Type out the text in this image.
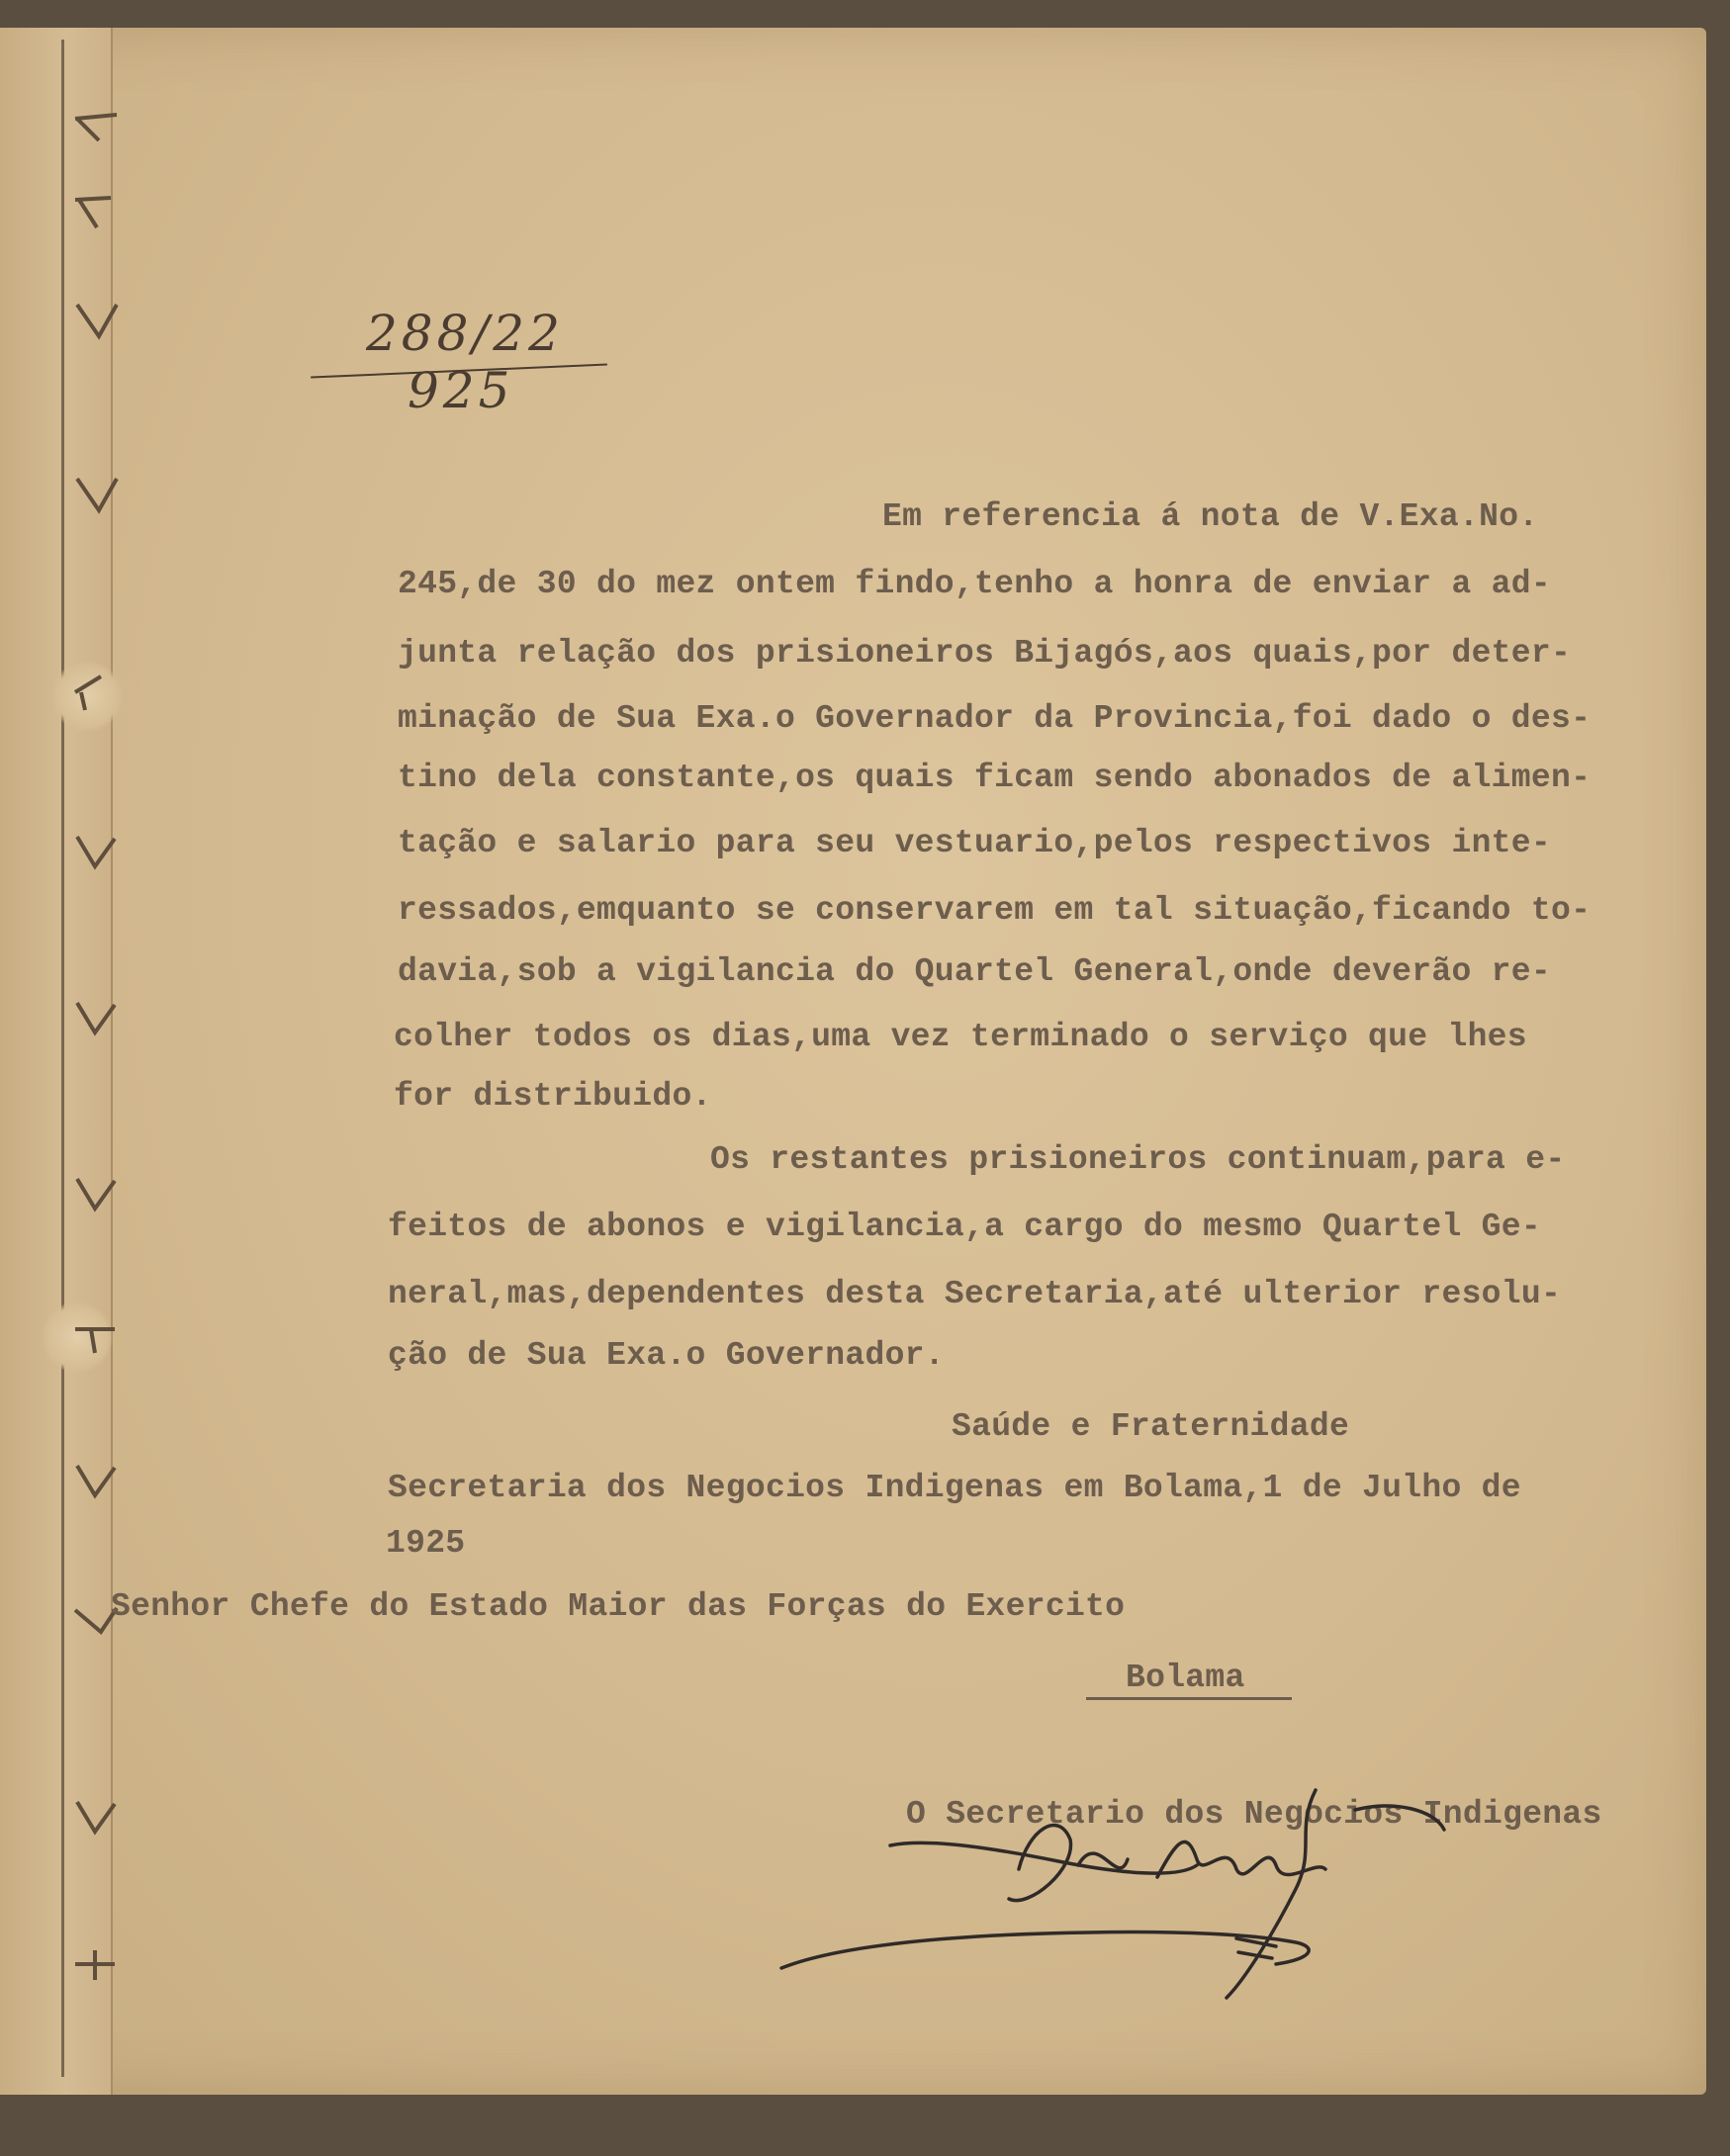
288/22
925
Em referencia á nota de V.Exa.No.
245,de 30 do mez ontem findo,tenho a honra de enviar a ad-
junta relação dos prisioneiros Bijagós,aos quais,por deter-
minação de Sua Exa.o Governador da Provincia,foi dado o des-
tino dela constante,os quais ficam sendo abonados de alimen-
tação e salario para seu vestuario,pelos respectivos inte-
ressados,emquanto se conservarem em tal situação,ficando to-
davia,sob a vigilancia do Quartel General,onde deverão re-
colher todos os dias,uma vez terminado o serviço que lhes
for distribuido.
Os restantes prisioneiros continuam,para e-
feitos de abonos e vigilancia,a cargo do mesmo Quartel Ge-
neral,mas,dependentes desta Secretaria,até ulterior resolu-
ção de Sua Exa.o Governador.
Saúde e Fraternidade
Secretaria dos Negocios Indigenas em Bolama,1 de Julho de
1925
Senhor Chefe do Estado Maior das Forças do Exercito
Bolama
O Secretario dos Negocios Indigenas
